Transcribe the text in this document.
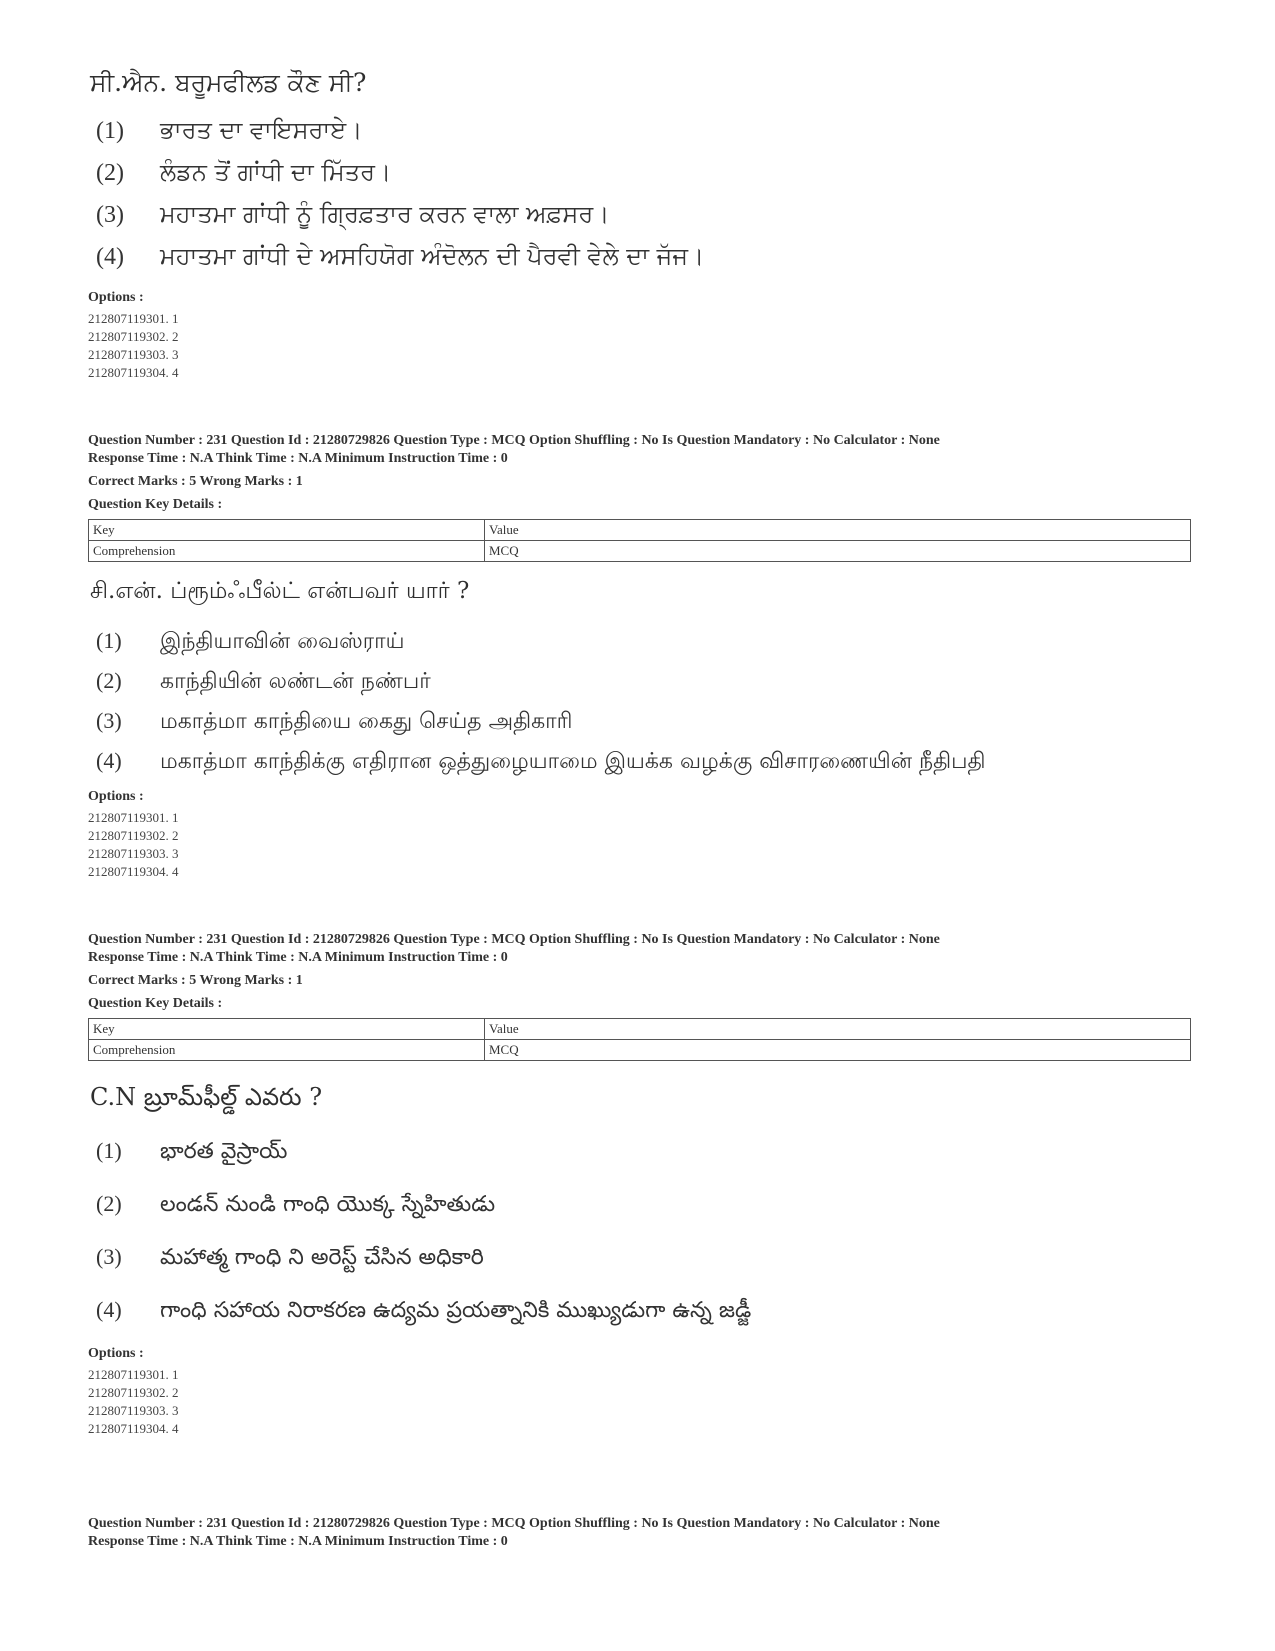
ਸੀ.ਐਨ. ਬਰੂਮਫੀਲਡ ਕੌਣ ਸੀ?
(1) ਭਾਰਤ ਦਾ ਵਾਇਸਰਾਏ।
(2) ਲੰਡਨ ਤੋਂ ਗਾਂਧੀ ਦਾ ਮਿੱਤਰ।
(3) ਮਹਾਤਮਾ ਗਾਂਧੀ ਨੂੰ ਗ੍ਰਿਫ਼ਤਾਰ ਕਰਨ ਵਾਲਾ ਅਫ਼ਸਰ।
(4) ਮਹਾਤਮਾ ਗਾਂਧੀ ਦੇ ਅਸਹਿਯੋਗ ਅੰਦੋਲਨ ਦੀ ਪੈਰਵੀ ਵੇਲੇ ਦਾ ਜੱਜ।
Options :
212807119301. 1
212807119302. 2
212807119303. 3
212807119304. 4
Question Number : 231 Question Id : 21280729826 Question Type : MCQ Option Shuffling : No Is Question Mandatory : No Calculator : None
Response Time : N.A Think Time : N.A Minimum Instruction Time : 0
Correct Marks : 5 Wrong Marks : 1
Question Key Details :
Key	Value
Comprehension	MCQ
சி.என். ப்ரூம்ஃபீல்ட் என்பவர் யார் ?
(1) இந்தியாவின் வைஸ்ராய்
(2) காந்தியின் லண்டன் நண்பர்
(3) மகாத்மா காந்தியை கைது செய்த அதிகாரி
(4) மகாத்மா காந்திக்கு எதிரான ஒத்துழையாமை இயக்க வழக்கு விசாரணையின் நீதிபதி
Options :
212807119301. 1
212807119302. 2
212807119303. 3
212807119304. 4
Question Number : 231 Question Id : 21280729826 Question Type : MCQ Option Shuffling : No Is Question Mandatory : No Calculator : None
Response Time : N.A Think Time : N.A Minimum Instruction Time : 0
Correct Marks : 5 Wrong Marks : 1
Question Key Details :
Key	Value
Comprehension	MCQ
C.N బ్రూమ్‌ఫీల్డ్ ఎవరు ?
(1) భారత వైస్రాయ్
(2) లండన్ నుండి గాంధి యొక్క స్నేహితుడు
(3) మహాత్మ గాంధి ని అరెస్ట్ చేసిన అధికారి
(4) గాంధి సహాయ నిరాకరణ ఉద్యమ ప్రయత్నానికి ముఖ్యుడుగా ఉన్న జడ్జీ
Options :
212807119301. 1
212807119302. 2
212807119303. 3
212807119304. 4
Question Number : 231 Question Id : 21280729826 Question Type : MCQ Option Shuffling : No Is Question Mandatory : No Calculator : None
Response Time : N.A Think Time : N.A Minimum Instruction Time : 0
